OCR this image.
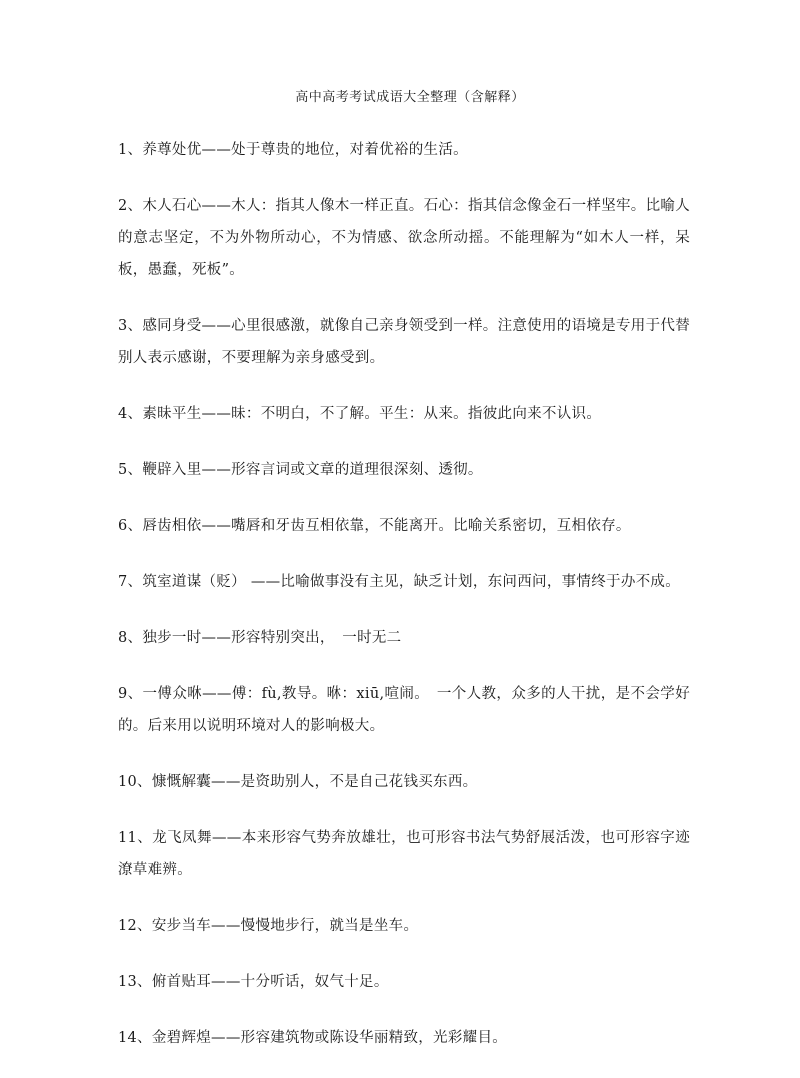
高中高考考试成语大全整理（含解释）

1、养尊处优——处于尊贵的地位，对着优裕的生活。

2、木人石心——木人：指其人像木一样正直。石心：指其信念像金石一样坚牢。比喻人的意志坚定，不为外物所动心，不为情感、欲念所动摇。不能理解为“如木人一样，呆板，愚蠢，死板”。

3、感同身受——心里很感激，就像自己亲身领受到一样。注意使用的语境是专用于代替别人表示感谢，不要理解为亲身感受到。

4、素昧平生——昧：不明白，不了解。平生：从来。指彼此向来不认识。

5、鞭辟入里——形容言词或文章的道理很深刻、透彻。

6、唇齿相依——嘴唇和牙齿互相依靠，不能离开。比喻关系密切，互相依存。

7、筑室道谋（贬） ——比喻做事没有主见，缺乏计划，东问西问，事情终于办不成。

8、独步一时——形容特别突出，　一时无二

9、一傅众咻——傅：fù,教导。咻：xiū,喧闹。　一个人教，众多的人干扰，是不会学好的。后来用以说明环境对人的影响极大。

10、慷慨解囊——是资助别人，不是自己花钱买东西。

11、龙飞凤舞——本来形容气势奔放雄壮，也可形容书法气势舒展活泼，也可形容字迹潦草难辨。

12、安步当车——慢慢地步行，就当是坐车。

13、俯首贴耳——十分听话，奴气十足。

14、金碧辉煌——形容建筑物或陈设华丽精致，光彩耀目。
